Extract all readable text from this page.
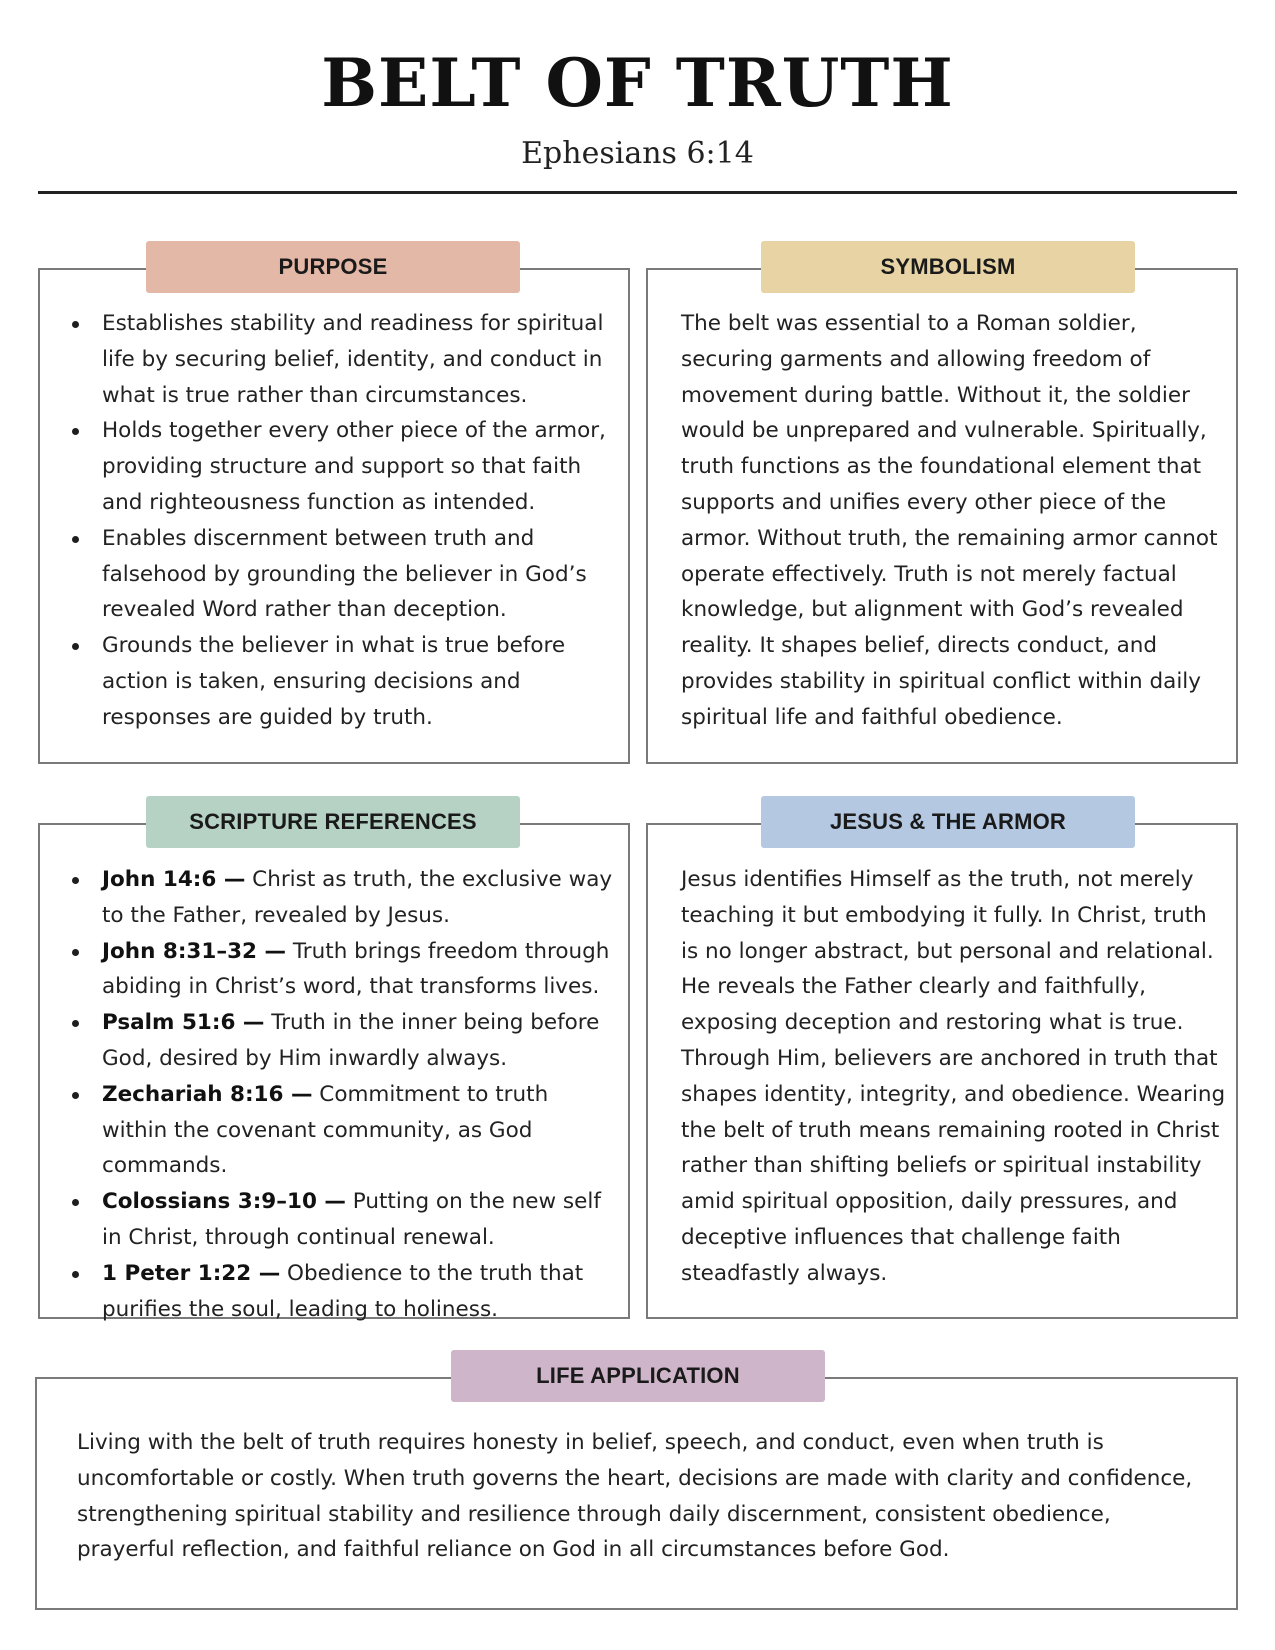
BELT OF TRUTH
Ephesians 6:14
PURPOSE
Establishes stability and readiness for spiritual life by securing belief, identity, and conduct in what is true rather than circumstances.
Holds together every other piece of the armor, providing structure and support so that faith and righteousness function as intended.
Enables discernment between truth and falsehood by grounding the believer in God’s revealed Word rather than deception.
Grounds the believer in what is true before action is taken, ensuring decisions and responses are guided by truth.
SYMBOLISM

The belt was essential to a Roman soldier, securing garments and allowing freedom of movement during battle. Without it, the soldier would be unprepared and vulnerable. Spiritually, truth functions as the foundational element that supports and unifies every other piece of the armor. Without truth, the remaining armor cannot operate effectively. Truth is not merely factual knowledge, but alignment with God’s revealed reality. It shapes belief, directs conduct, and provides stability in spiritual conflict within daily spiritual life and faithful obedience.

SCRIPTURE REFERENCES
John 14:6 — Christ as truth, the exclusive way to the Father, revealed by Jesus.
John 8:31–32 — Truth brings freedom through abiding in Christ’s word, that transforms lives.
Psalm 51:6 — Truth in the inner being before God, desired by Him inwardly always.
Zechariah 8:16 — Commitment to truth within the covenant community, as God commands.
Colossians 3:9–10 — Putting on the new self in Christ, through continual renewal.
1 Peter 1:22 — Obedience to the truth that purifies the soul, leading to holiness.
JESUS & THE ARMOR

Jesus identifies Himself as the truth, not merely teaching it but embodying it fully. In Christ, truth is no longer abstract, but personal and relational. He reveals the Father clearly and faithfully, exposing deception and restoring what is true. Through Him, believers are anchored in truth that shapes identity, integrity, and obedience. Wearing the belt of truth means remaining rooted in Christ rather than shifting beliefs or spiritual instability amid spiritual opposition, daily pressures, and deceptive influences that challenge faith steadfastly always.

LIFE APPLICATION

Living with the belt of truth requires honesty in belief, speech, and conduct, even when truth is uncomfortable or costly. When truth governs the heart, decisions are made with clarity and confidence, strengthening spiritual stability and resilience through daily discernment, consistent obedience, prayerful reflection, and faithful reliance on God in all circumstances before God.
